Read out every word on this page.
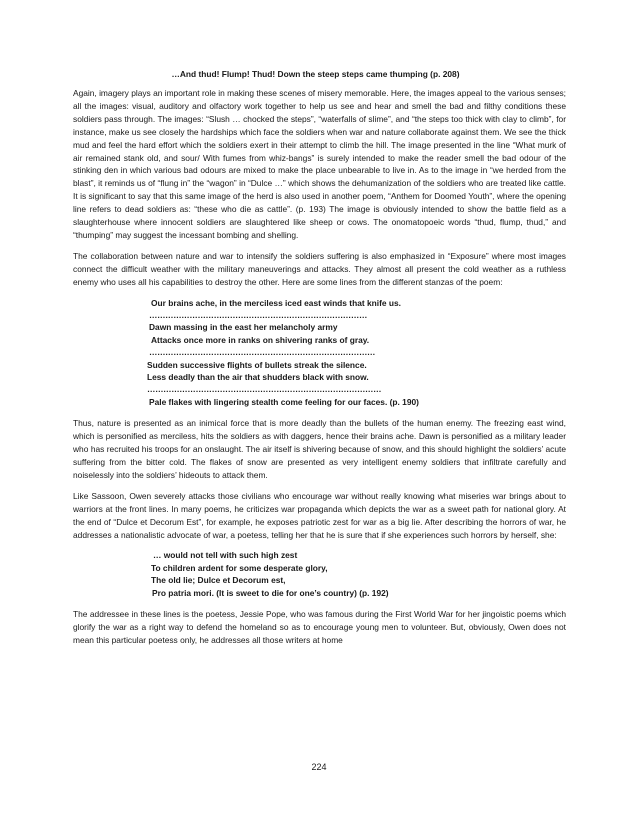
…And thud! Flump! Thud! Down the steep steps came thumping (p. 208)

Again, imagery plays an important role in making these scenes of misery memorable. Here, the images appeal to the various senses; all the images: visual, auditory and olfactory work together to help us see and hear and smell the bad and filthy conditions these soldiers pass through. The images: “Slush … chocked the steps”, “waterfalls of slime”, and “the steps too thick with clay to climb”, for instance, make us see closely the hardships which face the soldiers when war and nature collaborate against them. We see the thick mud and feel the hard effort which the soldiers exert in their attempt to climb the hill. The image presented in the line “What murk of air remained stank old, and sour/ With fumes from whiz-bangs” is surely intended to make the reader smell the bad odour of the stinking den in which various bad odours are mixed to make the place unbearable to live in. As to the image in “we herded from the blast”, it reminds us of “flung in” the “wagon” in “Dulce …” which shows the dehumanization of the soldiers who are treated like cattle. It is significant to say that this same image of the herd is also used in another poem, “Anthem for Doomed Youth”, where the opening line refers to dead soldiers as: “these who die as cattle”. (p. 193) The image is obviously intended to show the battle field as a slaughterhouse where innocent soldiers are slaughtered like sheep or cows. The onomatopoeic words “thud, flump, thud,” and “thumping” may suggest the incessant bombing and shelling.

The collaboration between nature and war to intensify the soldiers suffering is also emphasized in “Exposure” where most images connect the difficult weather with the military maneuverings and attacks. They almost all present the cold weather as a ruthless enemy who uses all his capabilities to destroy the other. Here are some lines from the different stanzas of the poem:

Our brains ache, in the merciless iced east winds that knife us.
………………………………………………………………………
Dawn massing in the east her melancholy army
Attacks once more in ranks on shivering ranks of gray.
…………………………………………………………………………
Sudden successive flights of bullets streak the silence.
Less deadly than the air that shudders black with snow.
……………………………………………………………………………
Pale flakes with lingering stealth come feeling for our faces. (p. 190)

Thus, nature is presented as an inimical force that is more deadly than the bullets of the human enemy. The freezing east wind, which is personified as merciless, hits the soldiers as with daggers, hence their brains ache. Dawn is personified as a military leader who has recruited his troops for an onslaught. The air itself is shivering because of snow, and this should highlight the soldiers’ acute suffering from the bitter cold. The flakes of snow are presented as very intelligent enemy soldiers that infiltrate carefully and noiselessly into the soldiers’ hideouts to attack them.

Like Sassoon, Owen severely attacks those civilians who encourage war without really knowing what miseries war brings about to warriors at the front lines. In many poems, he criticizes war propaganda which depicts the war as a sweet path for national glory. At the end of “Dulce et Decorum Est”, for example, he exposes patriotic zest for war as a big lie. After describing the horrors of war, he addresses a nationalistic advocate of war, a poetess, telling her that he is sure that if she experiences such horrors by herself, she:

… would not tell with such high zest
To children ardent for some desperate glory,
The old lie; Dulce et Decorum est,
Pro patria mori. (It is sweet to die for one’s country) (p. 192)

The addressee in these lines is the poetess, Jessie Pope, who was famous during the First World War for her jingoistic poems which glorify the war as a right way to defend the homeland so as to encourage young men to volunteer. But, obviously, Owen does not mean this particular poetess only, he addresses all those writers at home

224
